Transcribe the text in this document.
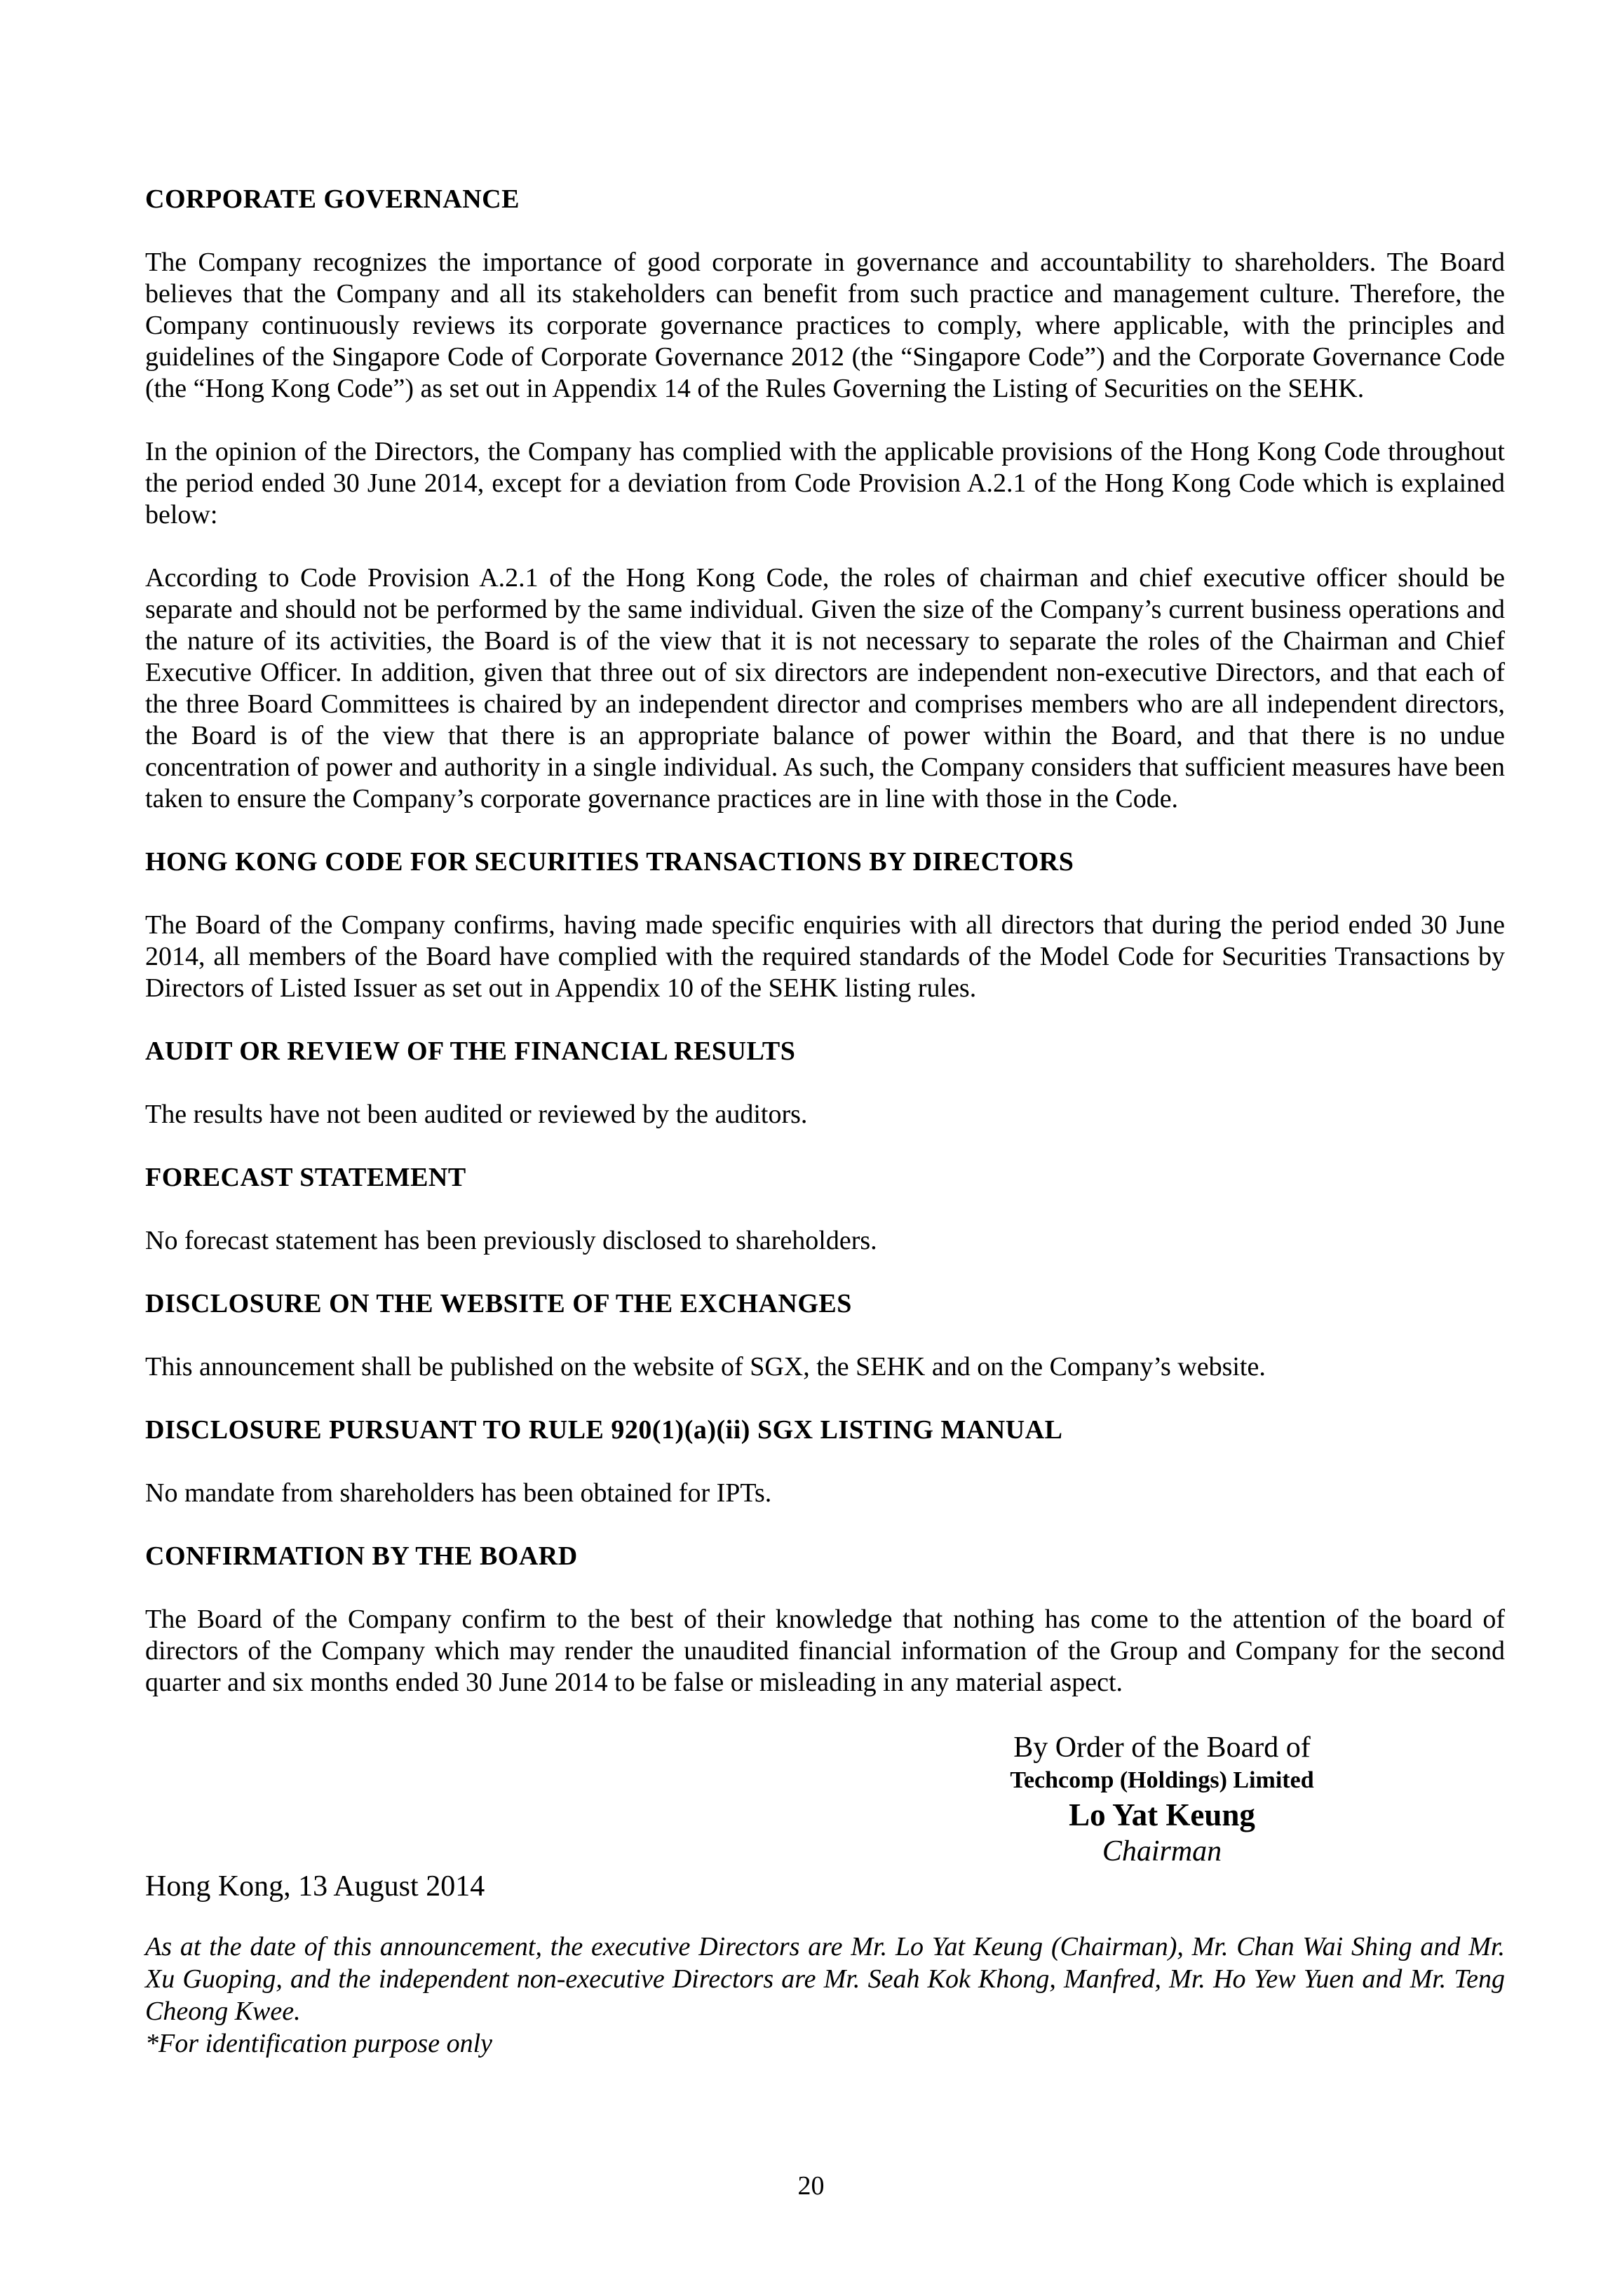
CORPORATE GOVERNANCE

The Company recognizes the importance of good corporate in governance and accountability to shareholders. The Board believes that the Company and all its stakeholders can benefit from such practice and management culture. Therefore, the Company continuously reviews its corporate governance practices to comply, where applicable, with the principles and guidelines of the Singapore Code of Corporate Governance 2012 (the “Singapore Code”) and the Corporate Governance Code (the “Hong Kong Code”) as set out in Appendix 14 of the Rules Governing the Listing of Securities on the SEHK.

In the opinion of the Directors, the Company has complied with the applicable provisions of the Hong Kong Code throughout the period ended 30 June 2014, except for a deviation from Code Provision A.2.1 of the Hong Kong Code which is explained below:

According to Code Provision A.2.1 of the Hong Kong Code, the roles of chairman and chief executive officer should be separate and should not be performed by the same individual. Given the size of the Company’s current business operations and the nature of its activities, the Board is of the view that it is not necessary to separate the roles of the Chairman and Chief Executive Officer. In addition, given that three out of six directors are independent non-executive Directors, and that each of the three Board Committees is chaired by an independent director and comprises members who are all independent directors, the Board is of the view that there is an appropriate balance of power within the Board, and that there is no undue concentration of power and authority in a single individual. As such, the Company considers that sufficient measures have been taken to ensure the Company’s corporate governance practices are in line with those in the Code.

HONG KONG CODE FOR SECURITIES TRANSACTIONS BY DIRECTORS

The Board of the Company confirms, having made specific enquiries with all directors that during the period ended 30 June 2014, all members of the Board have complied with the required standards of the Model Code for Securities Transactions by Directors of Listed Issuer as set out in Appendix 10 of the SEHK listing rules.

AUDIT OR REVIEW OF THE FINANCIAL RESULTS

The results have not been audited or reviewed by the auditors.

FORECAST STATEMENT

No forecast statement has been previously disclosed to shareholders.

DISCLOSURE ON THE WEBSITE OF THE EXCHANGES

This announcement shall be published on the website of SGX, the SEHK and on the Company’s website.

DISCLOSURE PURSUANT TO RULE 920(1)(a)(ii) SGX LISTING MANUAL

No mandate from shareholders has been obtained for IPTs.

CONFIRMATION BY THE BOARD

The Board of the Company confirm to the best of their knowledge that nothing has come to the attention of the board of directors of the Company which may render the unaudited financial information of the Group and Company for the second quarter and six months ended 30 June 2014 to be false or misleading in any material aspect.

By Order of the Board of
Techcomp (Holdings) Limited
Lo Yat Keung
Chairman

Hong Kong, 13 August 2014

As at the date of this announcement, the executive Directors are Mr. Lo Yat Keung (Chairman), Mr. Chan Wai Shing and Mr. Xu Guoping, and the independent non-executive Directors are Mr. Seah Kok Khong, Manfred, Mr. Ho Yew Yuen and Mr. Teng Cheong Kwee.

*For identification purpose only

20
